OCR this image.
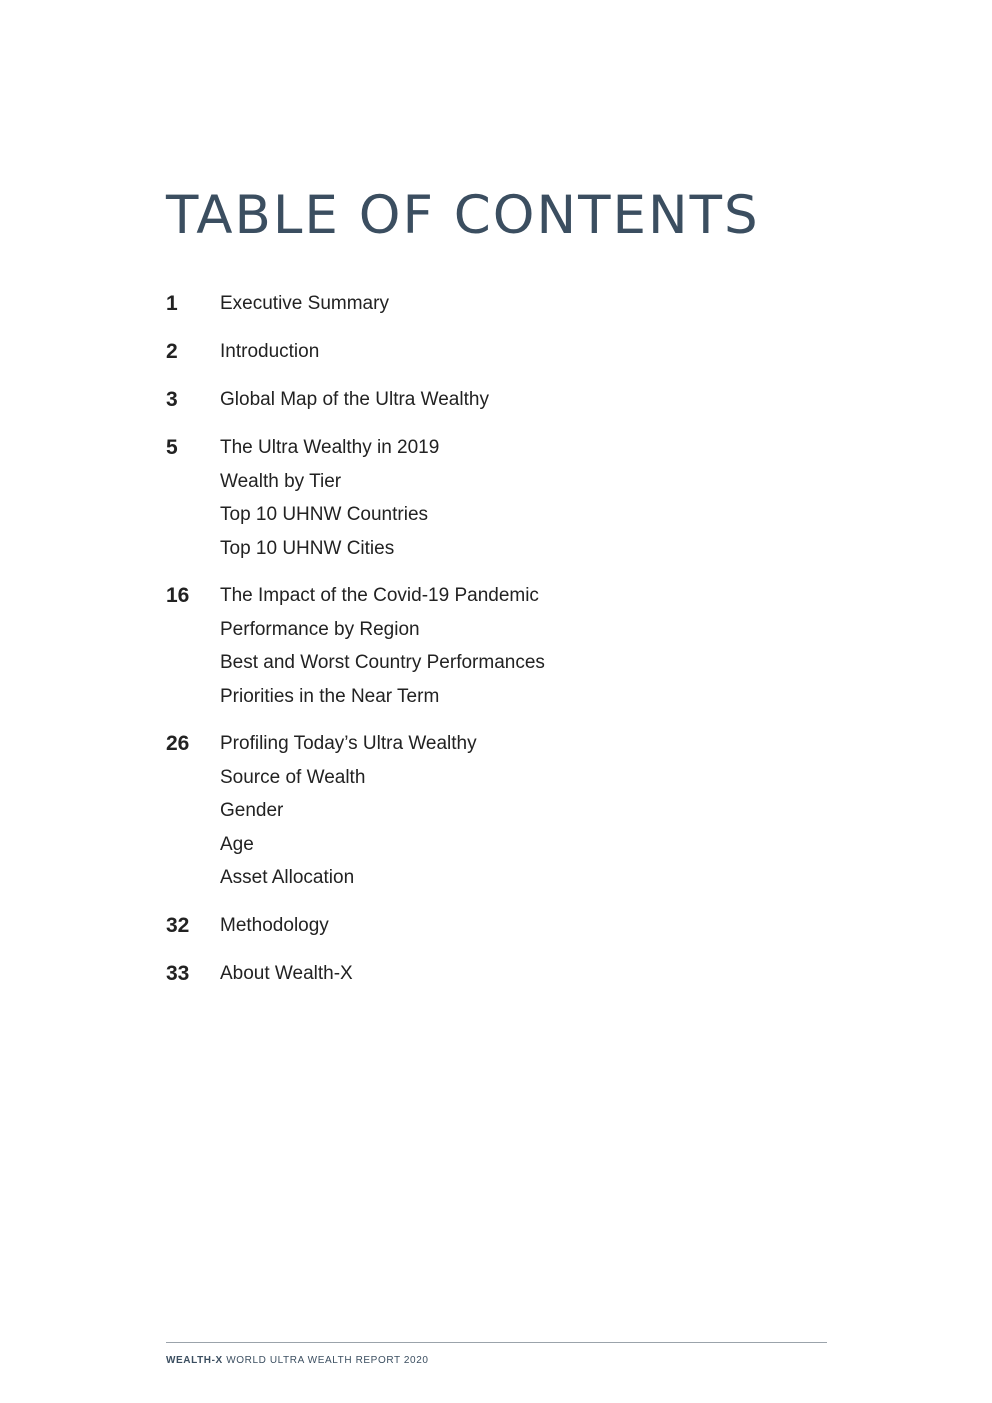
TABLE OF CONTENTS
1	Executive Summary
2	Introduction
3	Global Map of the Ultra Wealthy
5	The Ultra Wealthy in 2019
Wealth by Tier
Top 10 UHNW Countries
Top 10 UHNW Cities
16	The Impact of the Covid-19 Pandemic
Performance by Region
Best and Worst Country Performances
Priorities in the Near Term
26	Profiling Today’s Ultra Wealthy
Source of Wealth
Gender
Age
Asset Allocation
32	Methodology
33	About Wealth-X
WEALTH-X WORLD ULTRA WEALTH REPORT 2020
